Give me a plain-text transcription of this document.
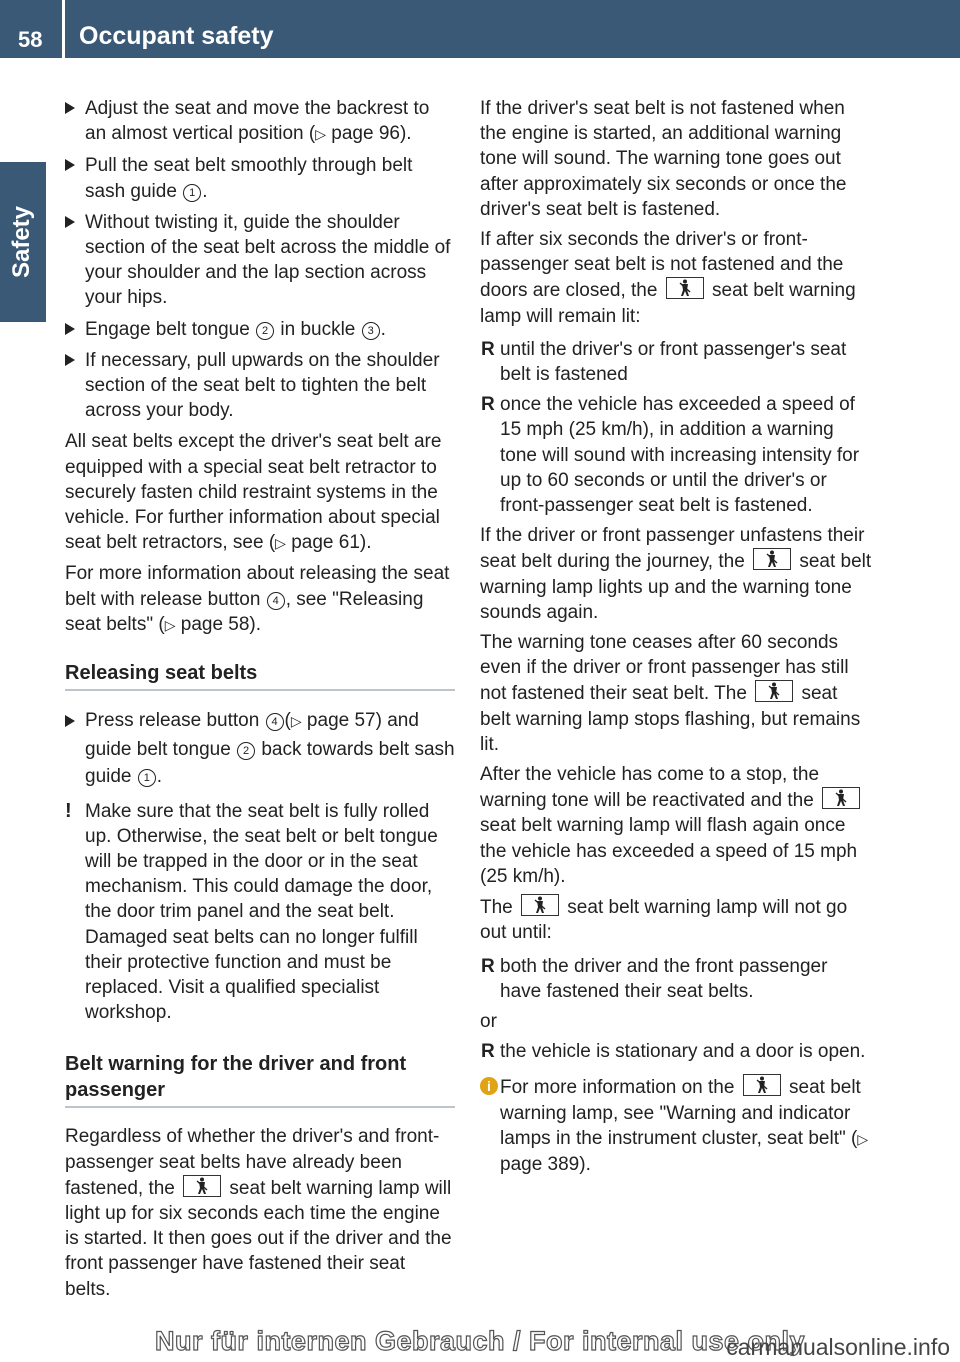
58 Occupant safety
Safety
Adjust the seat and move the backrest to an almost vertical position (▷ page 96).
Pull the seat belt smoothly through belt sash guide 1 .
Without twisting it, guide the shoulder section of the seat belt across the middle of your shoulder and the lap section across your hips.
Engage belt tongue 2 in buckle 3 .
If necessary, pull upwards on the shoulder section of the seat belt to tighten the belt across your body.

All seat belts except the driver's seat belt are equipped with a special seat belt retractor to securely fasten child restraint systems in the vehicle. For further information about special seat belt retractors, see (▷ page 61).

For more information about releasing the seat belt with release button 4 , see "Releasing seat belts" (▷ page 58).

Releasing seat belts
Press release button 4 (▷ page 57) and guide belt tongue 2 back towards belt sash guide 1 .
! Make sure that the seat belt is fully rolled up. Otherwise, the seat belt or belt tongue will be trapped in the door or in the seat mechanism. This could damage the door, the door trim panel and the seat belt. Damaged seat belts can no longer fulfill their protective function and must be replaced. Visit a qualified specialist workshop.
Belt warning for the driver and front passenger

Regardless of whether the driver's and front-passenger seat belts have already been fastened, the
seat belt warning lamp will light up for six seconds each time the engine is started. It then goes out if the driver and the front passenger have fastened their seat belts.

If the driver's seat belt is not fastened when the engine is started, an additional warning tone will sound. The warning tone goes out after approximately six seconds or once the driver's seat belt is fastened.

If after six seconds the driver's or front-passenger seat belt is not fastened and the doors are closed, the
seat belt warning lamp will remain lit:

R until the driver's or front passenger's seat belt is fastened
R once the vehicle has exceeded a speed of 15 mph (25 km/h), in addition a warning tone will sound with increasing intensity for up to 60 seconds or until the driver's or front-passenger seat belt is fastened.

If the driver or front passenger unfastens their seat belt during the journey, the
seat belt warning lamp lights up and the warning tone sounds again.

The warning tone ceases after 60 seconds even if the driver or front passenger has still not fastened their seat belt. The
seat belt warning lamp stops flashing, but remains lit.

After the vehicle has come to a stop, the warning tone will be reactivated and the
seat belt warning lamp will flash again once the vehicle has exceeded a speed of 15 mph (25 km/h).

The
seat belt warning lamp will not go out until:

R both the driver and the front passenger have fastened their seat belts.

or

R the vehicle is stationary and a door is open.
i For more information on the
seat belt warning lamp, see "Warning and indicator lamps in the instrument cluster, seat belt" (▷ page 389).
Nur für internen Gebrauch / For internal use only
carmanualsonline.info
